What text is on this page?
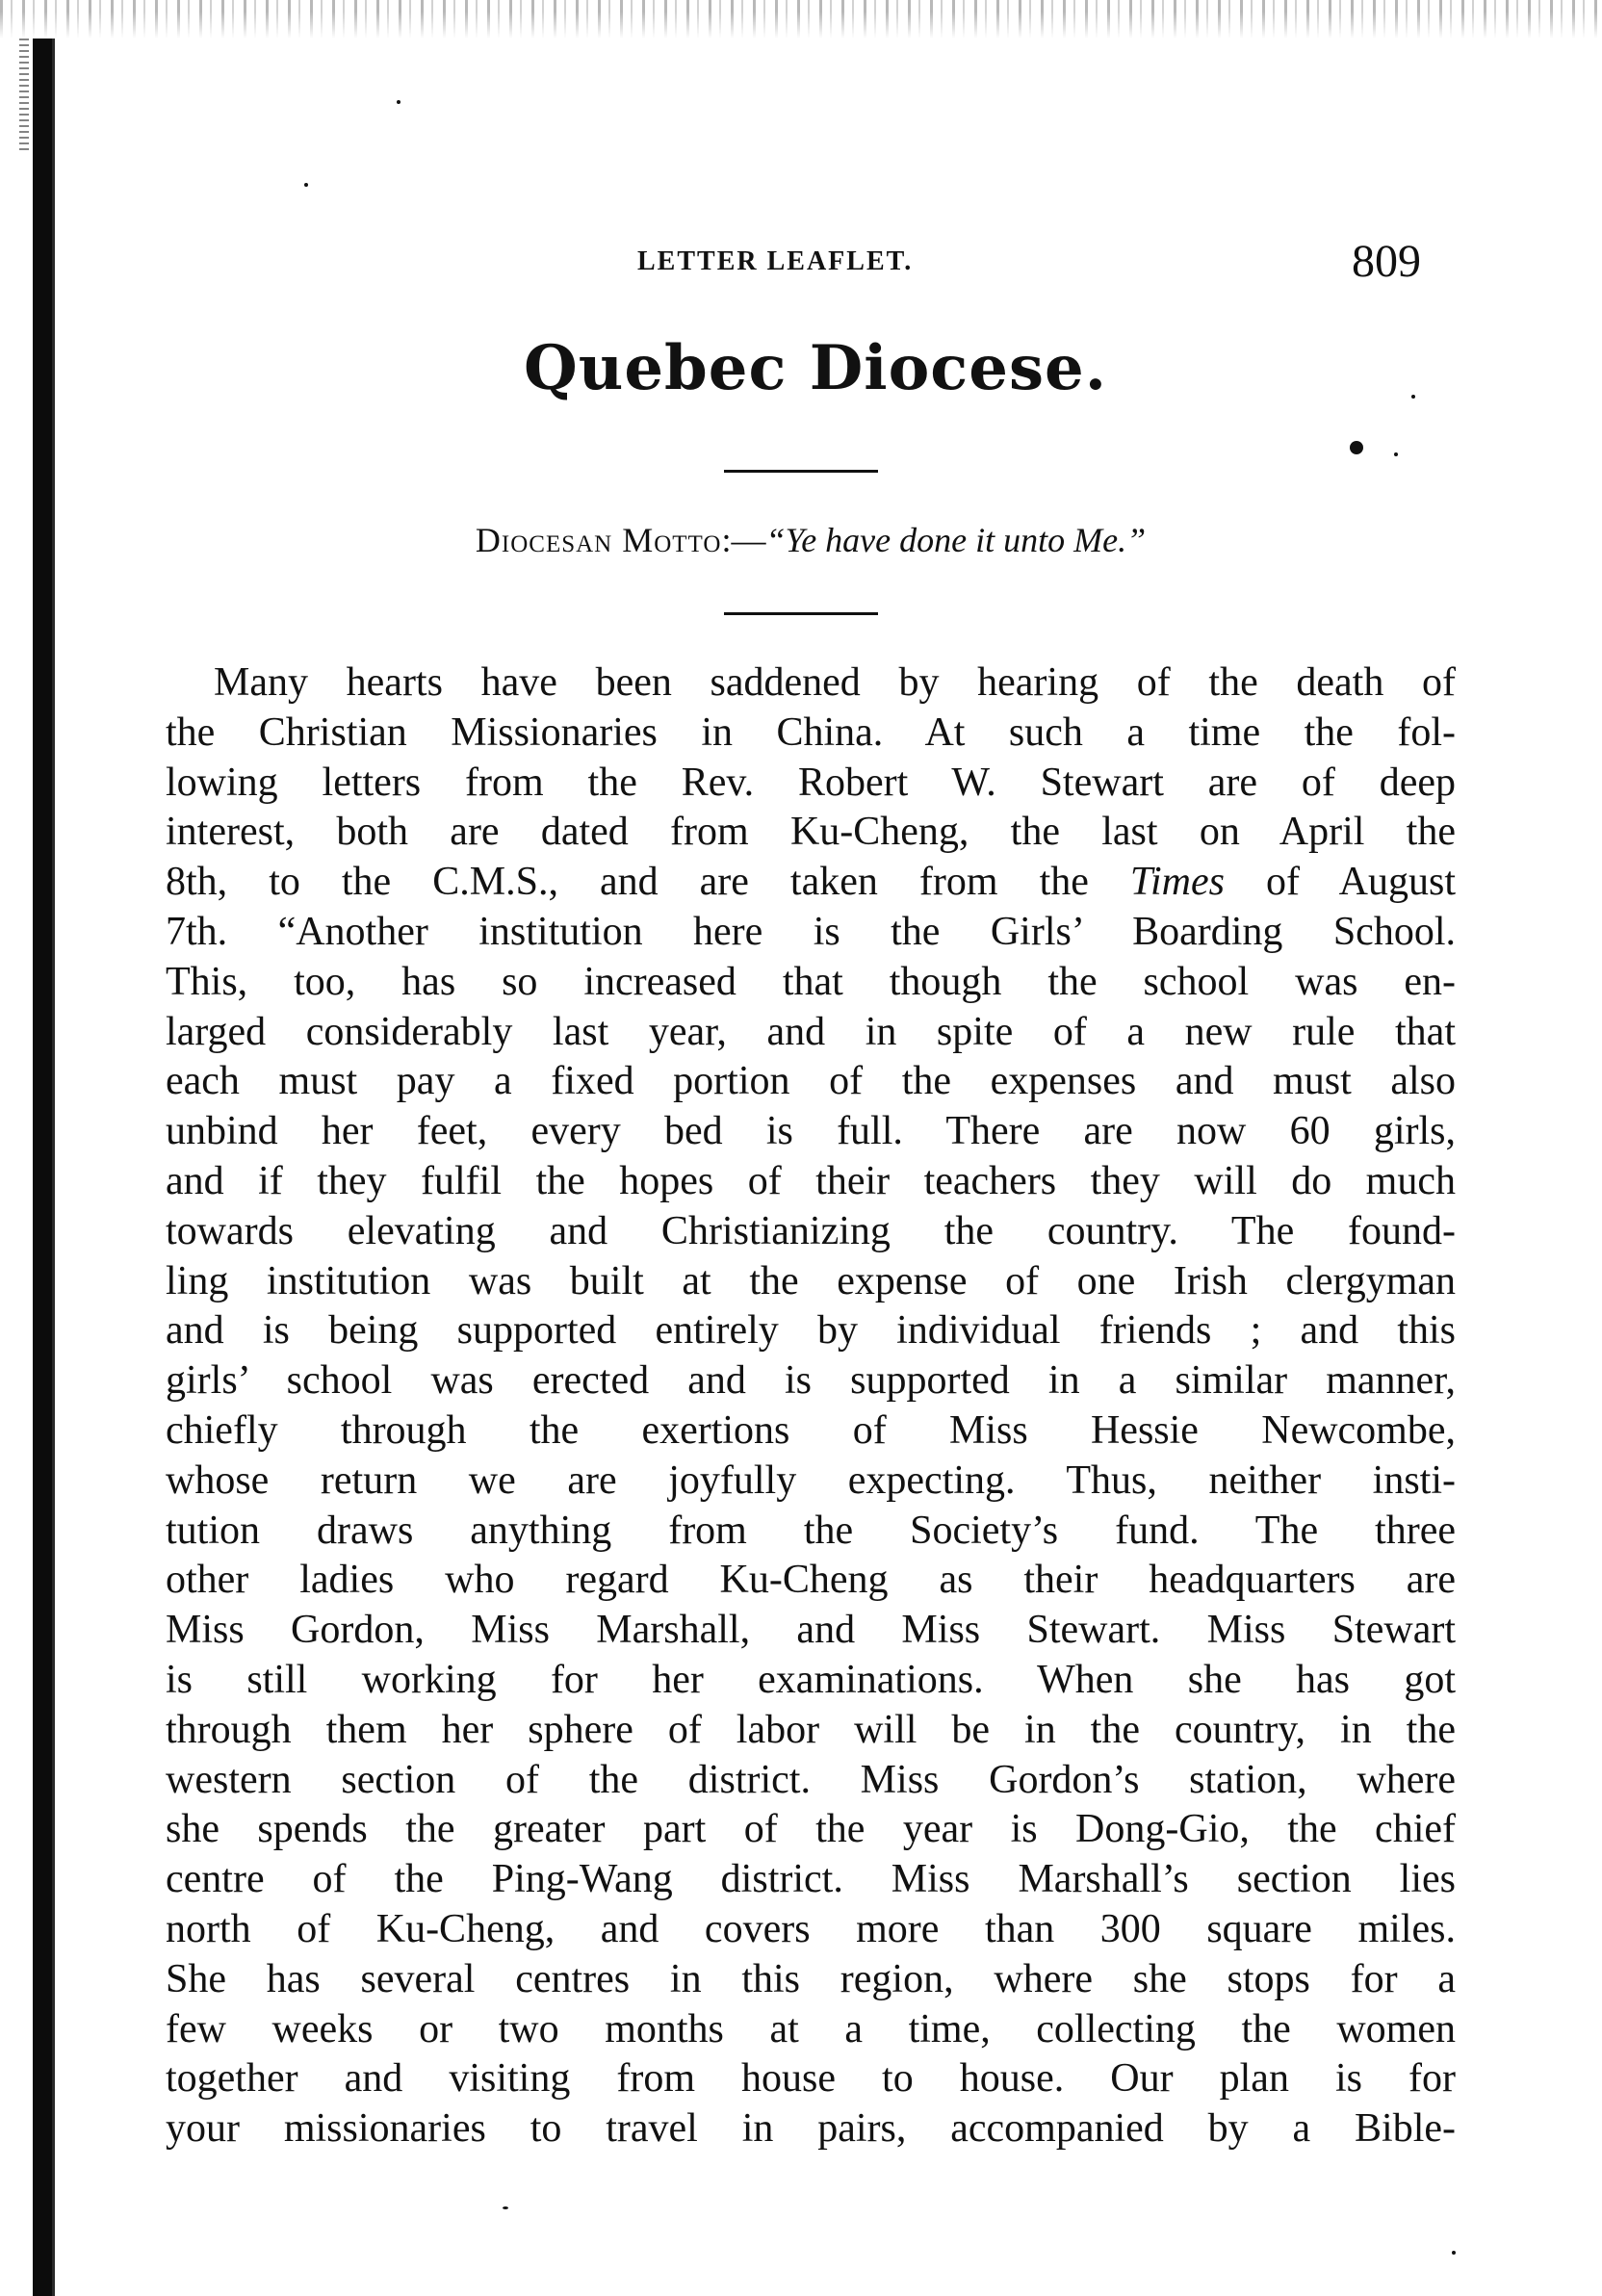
LETTER LEAFLET.	809
Quebec Diocese.
Diocesan Motto:—“Ye have done it unto Me.”
Many hearts have been saddened by hearing of the death of
the Christian Missionaries in China. At such a time the fol-
lowing letters from the Rev. Robert W. Stewart are of deep
interest, both are dated from Ku-Cheng, the last on April the
8th, to the C.M.S., and are taken from the Times of August
7th. “Another institution here is the Girls’ Boarding School.
This, too, has so increased that though the school was en-
larged considerably last year, and in spite of a new rule that
each must pay a fixed portion of the expenses and must also
unbind her feet, every bed is full. There are now 60 girls,
and if they fulfil the hopes of their teachers they will do much
towards elevating and Christianizing the country. The found-
ling institution was built at the expense of one Irish clergyman
and is being supported entirely by individual friends ; and this
girls’ school was erected and is supported in a similar manner,
chiefly through the exertions of Miss Hessie Newcombe,
whose return we are joyfully expecting. Thus, neither insti-
tution draws anything from the Society’s fund. The three
other ladies who regard Ku-Cheng as their headquarters are
Miss Gordon, Miss Marshall, and Miss Stewart. Miss Stewart
is still working for her examinations. When she has got
through them her sphere of labor will be in the country, in the
western section of the district. Miss Gordon’s station, where
she spends the greater part of the year is Dong-Gio, the chief
centre of the Ping-Wang district. Miss Marshall’s section lies
north of Ku-Cheng, and covers more than 300 square miles.
She has several centres in this region, where she stops for a
few weeks or two months at a time, collecting the women
together and visiting from house to house. Our plan is for
your missionaries to travel in pairs, accompanied by a Bible-
